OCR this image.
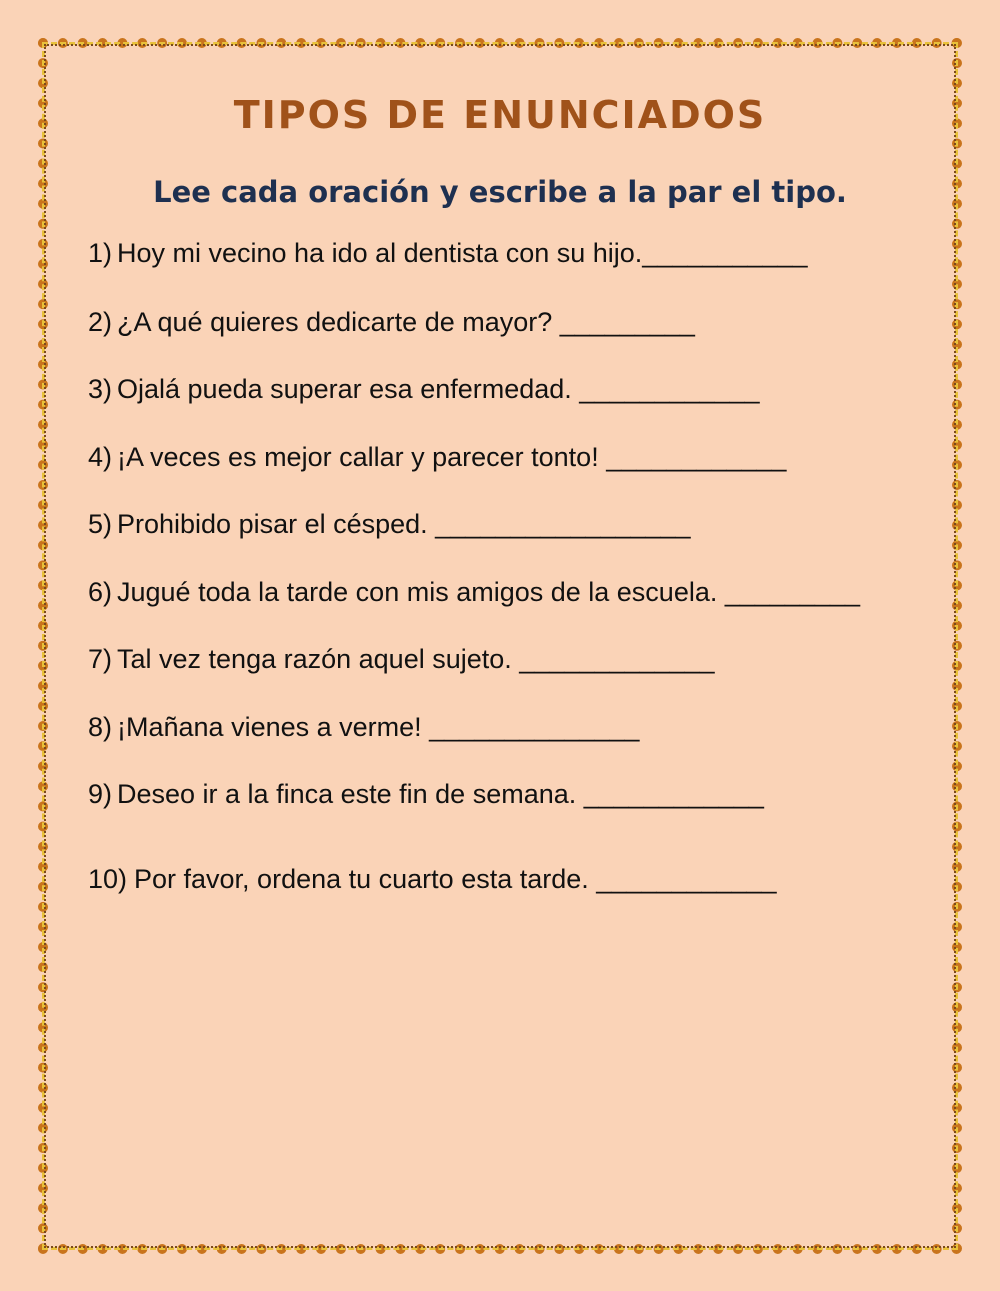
TIPOS DE ENUNCIADOS
Lee cada oración y escribe a la par el tipo.
1) Hoy mi vecino ha ido al dentista con su hijo.___________
2) ¿A qué quieres dedicarte de mayor? _________
3) Ojalá pueda superar esa enfermedad. ____________
4) ¡A veces es mejor callar y parecer tonto! ____________
5) Prohibido pisar el césped. _________________
6) Jugué toda la tarde con mis amigos de la escuela. _________
7) Tal vez tenga razón aquel sujeto. _____________
8) ¡Mañana vienes a verme! ______________
9) Deseo ir a la finca este fin de semana. ____________
10) Por favor, ordena tu cuarto esta tarde. ____________
